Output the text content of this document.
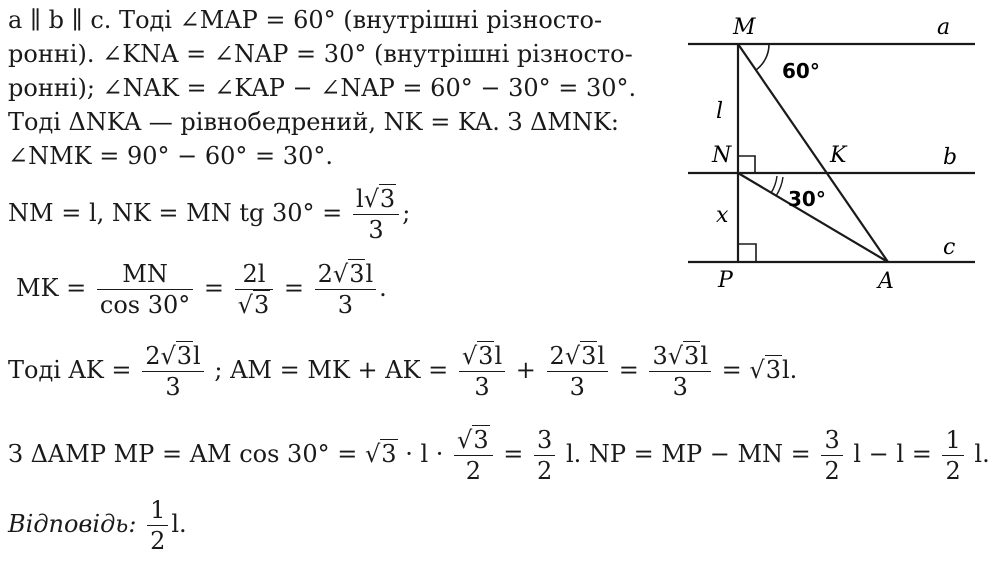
a ∥ b ∥ c. Тоді ∠MAP = 60° (внутрішні різносто-
ронні). ∠KNA = ∠NAP = 30° (внутрішні різносто-
ронні); ∠NAK = ∠KAP − ∠NAP = 60° − 30° = 30°.
Тоді ΔNKA — рівнобедрений, NK = KA. З ΔMNK:
∠NMK = 90° − 60° = 30°.
NM = l, NK = MN tg $30^\circ = \frac{l√3}{3}$ ;
MK = $\frac{MN}{\cos 30^\circ} = \frac{2l}{√3} = \frac{2√3l}{3}$ .
Тоді AK = $\frac{2√3l}{3}$ ; AM = MK + AK = $\frac{√3l}{3} + \frac{2√3l}{3} = \frac{3√3l}{3} = √3l$.
З ΔAMP MP = AM $\cos 30^\circ = √3 \cdot l \cdot \frac{√3}{2} = \frac{3}{2} l$. NP = MP − MN = $\frac{3}{2}$ $l - l = \frac{1}{2} l$.
Відповідь: $\frac{1}{2} l$.
M	a
N	K	b
P	A
c
l
x
60°
30°
